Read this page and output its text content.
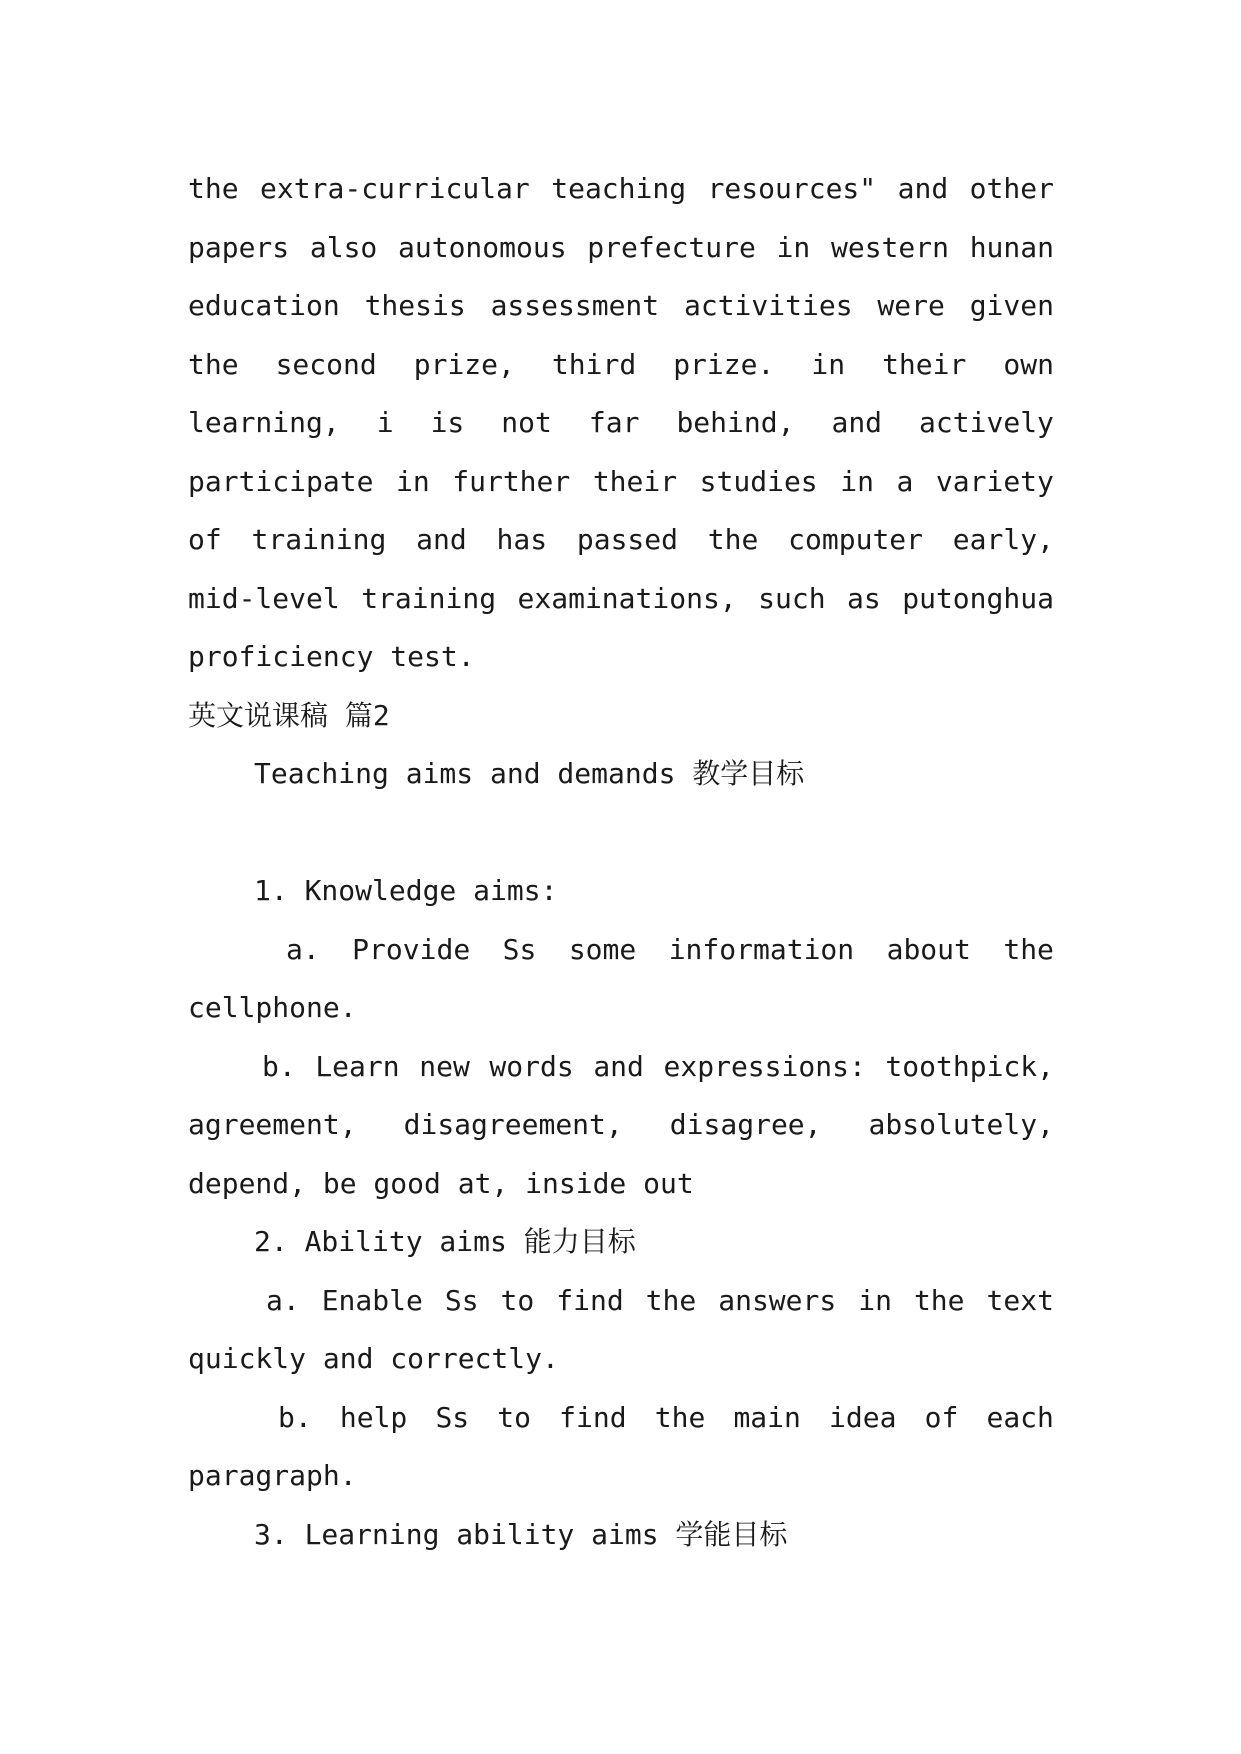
the extra-curricular teaching resources" and other
papers also autonomous prefecture in western hunan
education thesis assessment activities were given
the second prize, third prize. in their own
learning, i is not far behind, and actively
participate in further their studies in a variety
of training and has passed the computer early,
mid-level training examinations, such as putonghua
proficiency test.
英文说课稿 篇2
Teaching aims and demands 教学目标
1. Knowledge aims:
a. Provide Ss some information about the
cellphone.
b. Learn new words and expressions: toothpick,
agreement, disagreement, disagree, absolutely,
depend, be good at, inside out
2. Ability aims 能力目标
a. Enable Ss to find the answers in the text
quickly and correctly.
b. help Ss to find the main idea of each
paragraph.
3. Learning ability aims 学能目标
